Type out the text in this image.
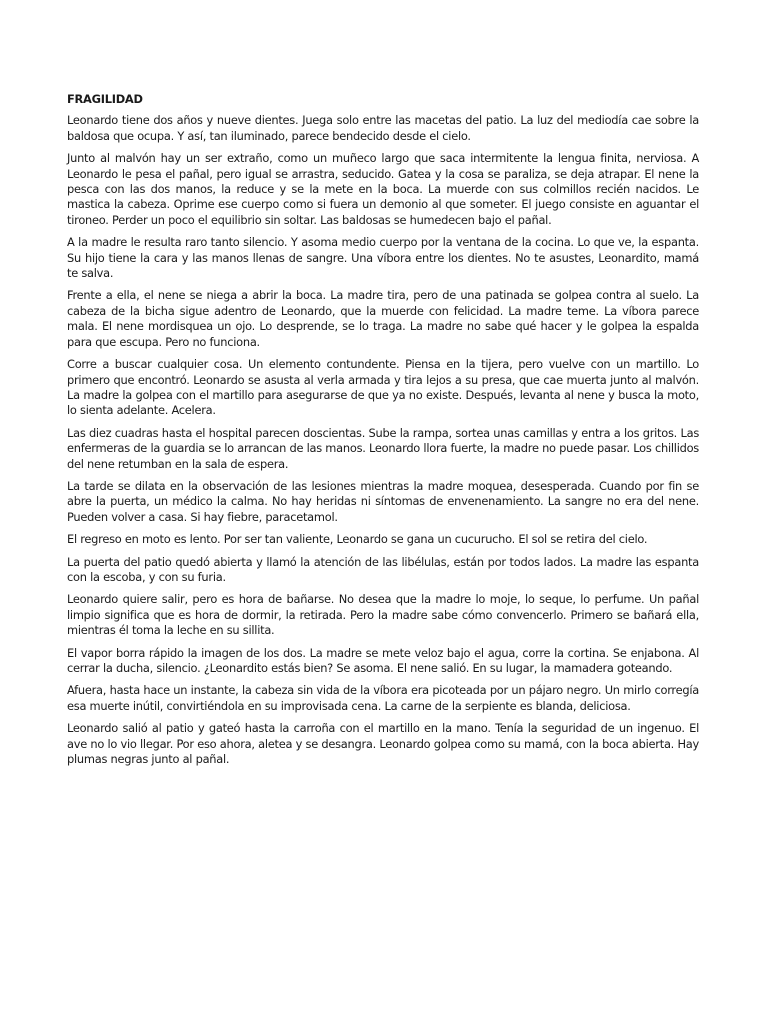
FRAGILIDAD

Leonardo tiene dos años y nueve dientes. Juega solo entre las macetas del patio. La luz del mediodía cae sobre la baldosa que ocupa. Y así, tan iluminado, parece bendecido desde el cielo.

Junto al malvón hay un ser extraño, como un muñeco largo que saca intermitente la lengua finita, nerviosa. A Leonardo le pesa el pañal, pero igual se arrastra, seducido. Gatea y la cosa se paraliza, se deja atrapar. El nene la pesca con las dos manos, la reduce y se la mete en la boca. La muerde con sus colmillos recién nacidos. Le mastica la cabeza. Oprime ese cuerpo como si fuera un demonio al que someter. El juego consiste en aguantar el tironeo. Perder un poco el equilibrio sin soltar. Las baldosas se humedecen bajo el pañal.

A la madre le resulta raro tanto silencio. Y asoma medio cuerpo por la ventana de la cocina. Lo que ve, la espanta. Su hijo tiene la cara y las manos llenas de sangre. Una víbora entre los dientes. No te asustes, Leonardito, mamá te salva.

Frente a ella, el nene se niega a abrir la boca. La madre tira, pero de una patinada se golpea contra al suelo. La cabeza de la bicha sigue adentro de Leonardo, que la muerde con felicidad. La madre teme. La víbora parece mala. El nene mordisquea un ojo. Lo desprende, se lo traga. La madre no sabe qué hacer y le golpea la espalda para que escupa. Pero no funciona.

Corre a buscar cualquier cosa. Un elemento contundente. Piensa en la tijera, pero vuelve con un martillo. Lo primero que encontró. Leonardo se asusta al verla armada y tira lejos a su presa, que cae muerta junto al malvón. La madre la golpea con el martillo para asegurarse de que ya no existe. Después, levanta al nene y busca la moto, lo sienta adelante. Acelera.

Las diez cuadras hasta el hospital parecen doscientas. Sube la rampa, sortea unas camillas y entra a los gritos. Las enfermeras de la guardia se lo arrancan de las manos. Leonardo llora fuerte, la madre no puede pasar. Los chillidos del nene retumban en la sala de espera.

La tarde se dilata en la observación de las lesiones mientras la madre moquea, desesperada. Cuando por fin se abre la puerta, un médico la calma. No hay heridas ni síntomas de envenenamiento. La sangre no era del nene. Pueden volver a casa. Si hay fiebre, paracetamol.

El regreso en moto es lento. Por ser tan valiente, Leonardo se gana un cucurucho. El sol se retira del cielo.

La puerta del patio quedó abierta y llamó la atención de las libélulas, están por todos lados. La madre las espanta con la escoba, y con su furia.

Leonardo quiere salir, pero es hora de bañarse. No desea que la madre lo moje, lo seque, lo perfume. Un pañal limpio significa que es hora de dormir, la retirada. Pero la madre sabe cómo convencerlo. Primero se bañará ella, mientras él toma la leche en su sillita.

El vapor borra rápido la imagen de los dos. La madre se mete veloz bajo el agua, corre la cortina. Se enjabona. Al cerrar la ducha, silencio. ¿Leonardito estás bien? Se asoma. El nene salió. En su lugar, la mamadera goteando.

Afuera, hasta hace un instante, la cabeza sin vida de la víbora era picoteada por un pájaro negro. Un mirlo corregía esa muerte inútil, convirtiéndola en su improvisada cena. La carne de la serpiente es blanda, deliciosa.

Leonardo salió al patio y gateó hasta la carroña con el martillo en la mano. Tenía la seguridad de un ingenuo. El ave no lo vio llegar. Por eso ahora, aletea y se desangra. Leonardo golpea como su mamá, con la boca abierta. Hay plumas negras junto al pañal.
